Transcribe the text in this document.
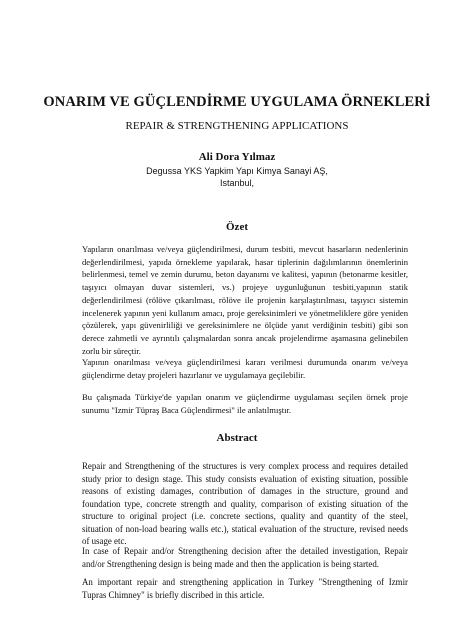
ONARIM VE GÜÇLENDİRME UYGULAMA ÖRNEKLERİ
REPAIR & STRENGTHENING APPLICATIONS
Ali Dora Yılmaz
Degussa YKS Yapkim Yapı Kimya Sanayi AŞ,
Istanbul,
Özet
Yapıların onarılması ve/veya güçlendirilmesi, durum tesbiti, mevcut hasarların nedenlerinin değerlendirilmesi, yapıda örnekleme yapılarak, hasar tiplerinin dağılımlarının önemlerinin belirlenmesi, temel ve zemin durumu, beton dayanımı ve kalitesi, yapının (betonarme kesitler, taşıyıcı olmayan duvar sistemleri, vs.) projeye uygunluğunun tesbiti,yapının statik değerlendirilmesi (rölöve çıkarılması, rölöve ile projenin karşılaştırılması, taşıyıcı sistemin incelenerek yapının yeni kullanım amacı, proje gereksinimleri ve yönetmeliklere göre yeniden çözülerek, yapı güvenirliliği ve gereksinimlere ne ölçüde yanıt verdiğinin tesbiti) gibi son derece zahmetli ve ayrıntılı çalışmalardan sonra ancak projelendirme aşamasına gelinebilen zorlu bir süreçtir.
Yapının onarılması ve/veya güçlendirilmesi kararı verilmesi durumunda onarım ve/veya güçlendirme detay projeleri hazırlanır ve uygulamaya geçilebilir.
Bu çalışmada Türkiye'de yapılan onarım ve güçlendirme uygulaması seçilen örnek proje sunumu "Izmir Tüpraş Baca Güçlendirmesi" ile anlatılmıştır.
Abstract
Repair and Strengthening of the structures is very complex process and requires detailed study prior to design stage. This study consists evaluation of existing situation, possible reasons of existing damages, contribution of damages in the structure, ground and foundation type, concrete strength and quality, comparison of existing situation of the structure to original project (i.e. concrete sections, quality and quantity of the steel, situation of non-load bearing walls etc.), statical evaluation of the structure, revised needs of usage etc.
In case of Repair and/or Strengthening decision after the detailed investigation, Repair and/or Strengthening design is being made and then the application is being started.
An important repair and strengthening application in Turkey "Strengthening of Izmir Tupras Chimney" is briefly discribed in this article.
